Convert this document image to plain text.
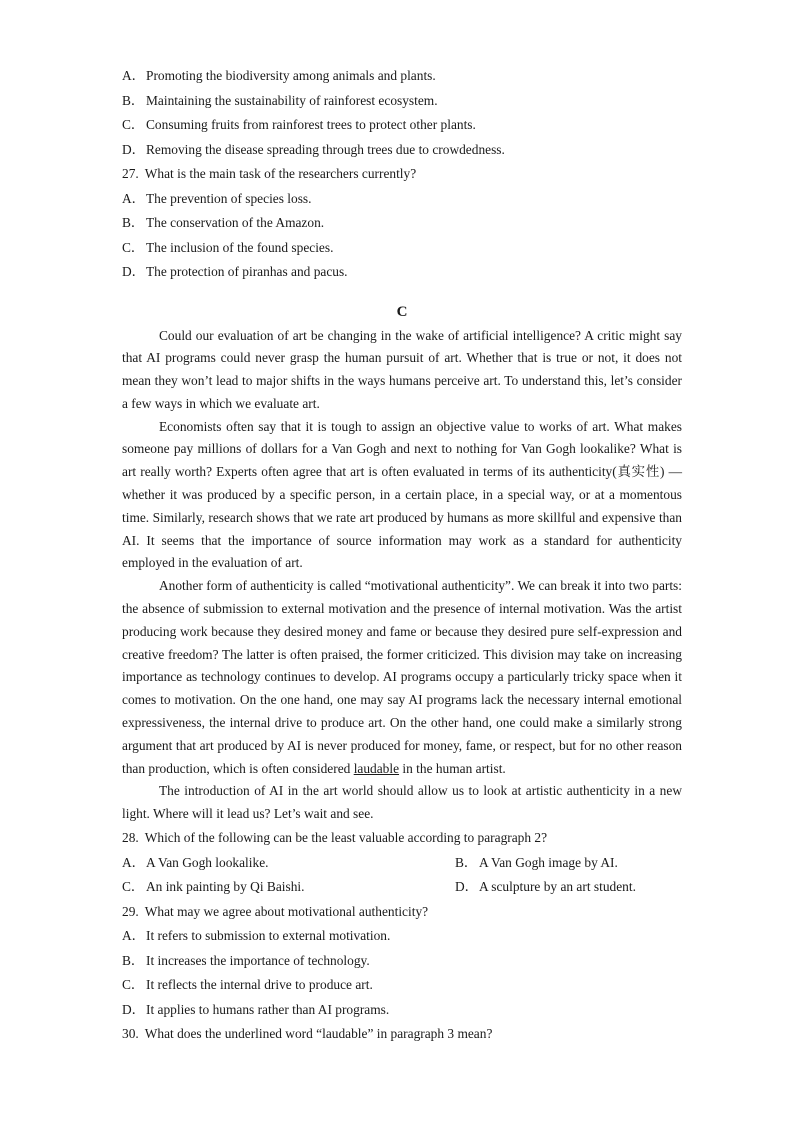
A． Promoting the biodiversity among animals and plants.
B． Maintaining the sustainability of rainforest ecosystem.
C． Consuming fruits from rainforest trees to protect other plants.
D． Removing the disease spreading through trees due to crowdedness.
27. What is the main task of the researchers currently?
A． The prevention of species loss.
B． The conservation of the Amazon.
C． The inclusion of the found species.
D． The protection of piranhas and pacus.
C

Could our evaluation of art be changing in the wake of artificial intelligence? A critic might say that AI programs could never grasp the human pursuit of art. Whether that is true or not, it does not mean they won’t lead to major shifts in the ways humans perceive art. To understand this, let’s consider a few ways in which we evaluate art.

Economists often say that it is tough to assign an objective value to works of art. What makes someone pay millions of dollars for a Van Gogh and next to nothing for Van Gogh lookalike? What is art really worth? Experts often agree that art is often evaluated in terms of its authenticity(真实性) — whether it was produced by a specific person, in a certain place, in a special way, or at a momentous time. Similarly, research shows that we rate art produced by humans as more skillful and expensive than AI. It seems that the importance of source information may work as a standard for authenticity employed in the evaluation of art.

Another form of authenticity is called “motivational authenticity”. We can break it into two parts: the absence of submission to external motivation and the presence of internal motivation. Was the artist producing work because they desired money and fame or because they desired pure self-expression and creative freedom? The latter is often praised, the former criticized. This division may take on increasing importance as technology continues to develop. AI programs occupy a particularly tricky space when it comes to motivation. On the one hand, one may say AI programs lack the necessary internal emotional expressiveness, the internal drive to produce art. On the other hand, one could make a similarly strong argument that art produced by AI is never produced for money, fame, or respect, but for no other reason than production, which is often considered laudable in the human artist.

The introduction of AI in the art world should allow us to look at artistic authenticity in a new light. Where will it lead us? Let’s wait and see.

28. Which of the following can be the least valuable according to paragraph 2?
A． A Van Gogh lookalike.	B． A Van Gogh image by AI.
C． An ink painting by Qi Baishi.	D． A sculpture by an art student.
29. What may we agree about motivational authenticity?
A． It refers to submission to external motivation.
B． It increases the importance of technology.
C． It reflects the internal drive to produce art.
D． It applies to humans rather than AI programs.
30. What does the underlined word “laudable” in paragraph 3 mean?
